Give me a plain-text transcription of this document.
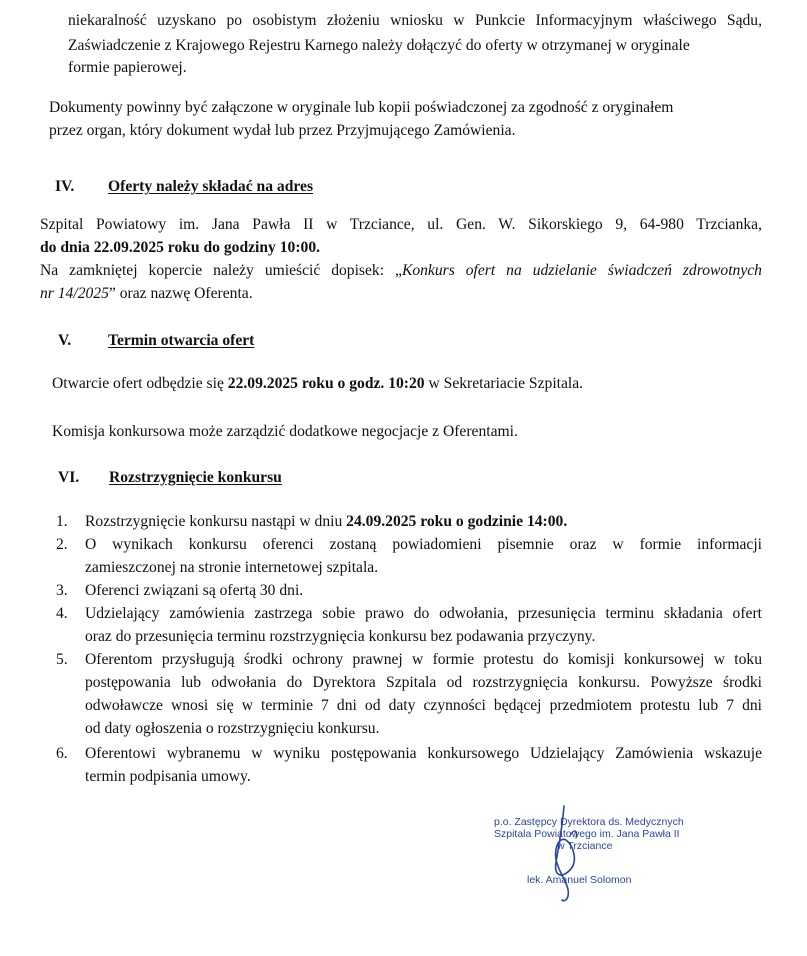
niekaralność uzyskano po osobistym złożeniu wniosku w Punkcie Informacyjnym właściwego Sądu,
Zaświadczenie z Krajowego Rejestru Karnego należy dołączyć do oferty w otrzymanej w oryginale
formie papierowej.
Dokumenty powinny być załączone w oryginale lub kopii poświadczonej za zgodność z oryginałem
przez organ, który dokument wydał lub przez Przyjmującego Zamówienia.
IV. Oferty należy składać na adres
Szpital Powiatowy im. Jana Pawła II w Trzciance, ul. Gen. W. Sikorskiego 9, 64-980 Trzcianka,
do dnia 22.09.2025 roku do godziny 10:00.
Na zamkniętej kopercie należy umieścić dopisek: „Konkurs ofert na udzielanie świadczeń zdrowotnych
nr 14/2025” oraz nazwę Oferenta.
V. Termin otwarcia ofert
Otwarcie ofert odbędzie się 22.09.2025 roku o godz. 10:20 w Sekretariacie Szpitala.
Komisja konkursowa może zarządzić dodatkowe negocjacje z Oferentami.
VI. Rozstrzygnięcie konkursu
1. Rozstrzygnięcie konkursu nastąpi w dniu 24.09.2025 roku o godzinie 14:00.
2. O wynikach konkursu oferenci zostaną powiadomieni pisemnie oraz w formie informacji
zamieszczonej na stronie internetowej szpitala.
3. Oferenci związani są ofertą 30 dni.
4. Udzielający zamówienia zastrzega sobie prawo do odwołania, przesunięcia terminu składania ofert
oraz do przesunięcia terminu rozstrzygnięcia konkursu bez podawania przyczyny.
5. Oferentom przysługują środki ochrony prawnej w formie protestu do komisji konkursowej w toku
postępowania lub odwołania do Dyrektora Szpitala od rozstrzygnięcia konkursu. Powyższe środki
odwoławcze wnosi się w terminie 7 dni od daty czynności będącej przedmiotem protestu lub 7 dni
od daty ogłoszenia o rozstrzygnięciu konkursu.
6. Oferentowi wybranemu w wyniku postępowania konkursowego Udzielający Zamówienia wskazuje
termin podpisania umowy.
p.o. Zastępcy Dyrektora ds. Medycznych
Szpitala Powiatowego im. Jana Pawła II
w Trzciance
lek. Amanuel Solomon
